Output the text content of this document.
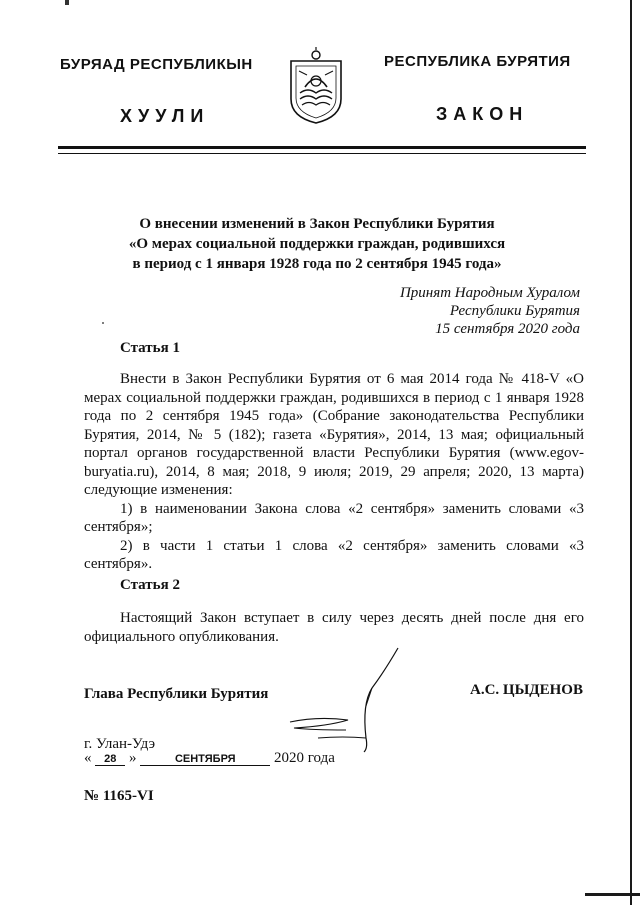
БУРЯАД РЕСПУБЛИКЫН
ХУУЛИ
РЕСПУБЛИКА БУРЯТИЯ
ЗАКОН
О внесении изменений в Закон Республики Бурятия
«О мерах социальной поддержки граждан, родившихся
в период с 1 января 1928 года по 2 сентября 1945 года»
Принят Народным Хуралом
Республики Бурятия
15 сентября 2020 года
Статья 1

Внести в Закон Республики Бурятия от 6 мая 2014 года № 418-V «О мерах социальной поддержки граждан, родившихся в период с 1 января 1928 года по 2 сентября 1945 года» (Собрание законодательства Республики Бурятия, 2014, № 5 (182); газета «Бурятия», 2014, 13 мая; официальный портал органов государственной власти Республики Бурятия (www.egov-buryatia.ru), 2014, 8 мая; 2018, 9 июля; 2019, 29 апреля; 2020, 13 марта) следующие изменения:

1) в наименовании Закона слова «2 сентября» заменить словами «3 сентября»;

2) в части 1 статьи 1 слова «2 сентября» заменить словами «3 сентября».

Статья 2

Настоящий Закон вступает в силу через десять дней после дня его официального опубликования.

Глава Республики Бурятия	А.С. ЦЫДЕНОВ
г. Улан-Удэ
« 28 »	СЕНТЯБРЯ	2020 года
№ 1165-VI
